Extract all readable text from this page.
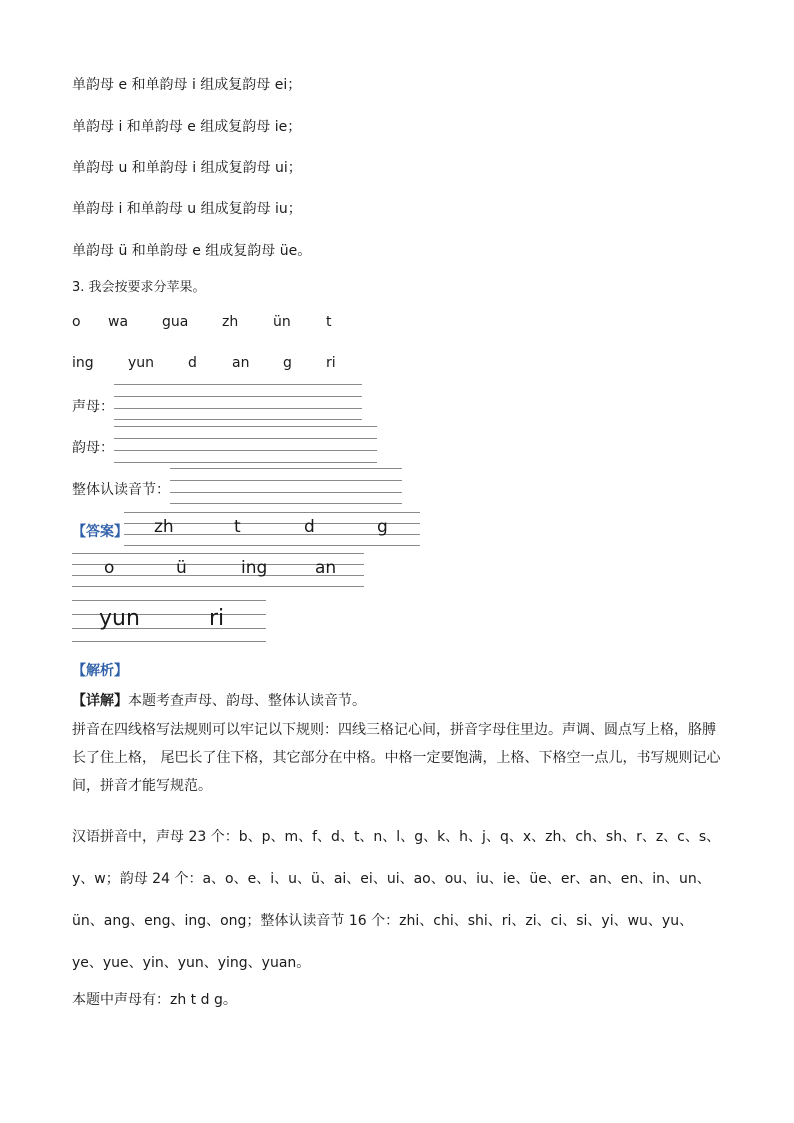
单韵母 e 和单韵母 i 组成复韵母 ei；
单韵母 i 和单韵母 e 组成复韵母 ie；
单韵母 u 和单韵母 i 组成复韵母 ui；
单韵母 i 和单韵母 u 组成复韵母 iu；
单韵母 ü 和单韵母 e 组成复韵母 üe。
3. 我会按要求分苹果。
o wa gua zh ün	t
ing yun d	an g ri
声母：
韵母：
整体认读音节：
【答案】 zh	t	d	g
o	ü	ing	an
yun	ri
【解析】
【详解】本题考查声母、韵母、整体认读音节。
拼音在四线格写法规则可以牢记以下规则：四线三格记心间，拼音字母住里边。声调、圆点写上格，胳膊长了住上格， 尾巴长了住下格，其它部分在中格。中格一定要饱满，上格、下格空一点儿，书写规则记心间，拼音才能写规范。
汉语拼音中，声母 23 个：b、p、m、f、d、t、n、l、g、k、h、j、q、x、zh、ch、sh、r、z、c、s、y、w；韵母 24 个：a、o、e、i、u、ü、ai、ei、ui、ao、ou、iu、ie、üe、er、an、en、in、un、ün、ang、eng、ing、ong；整体认读音节 16 个：zhi、chi、shi、ri、zi、ci、si、yi、wu、yu、ye、yue、yin、yun、ying、yuan。
本题中声母有：zh t d g。
